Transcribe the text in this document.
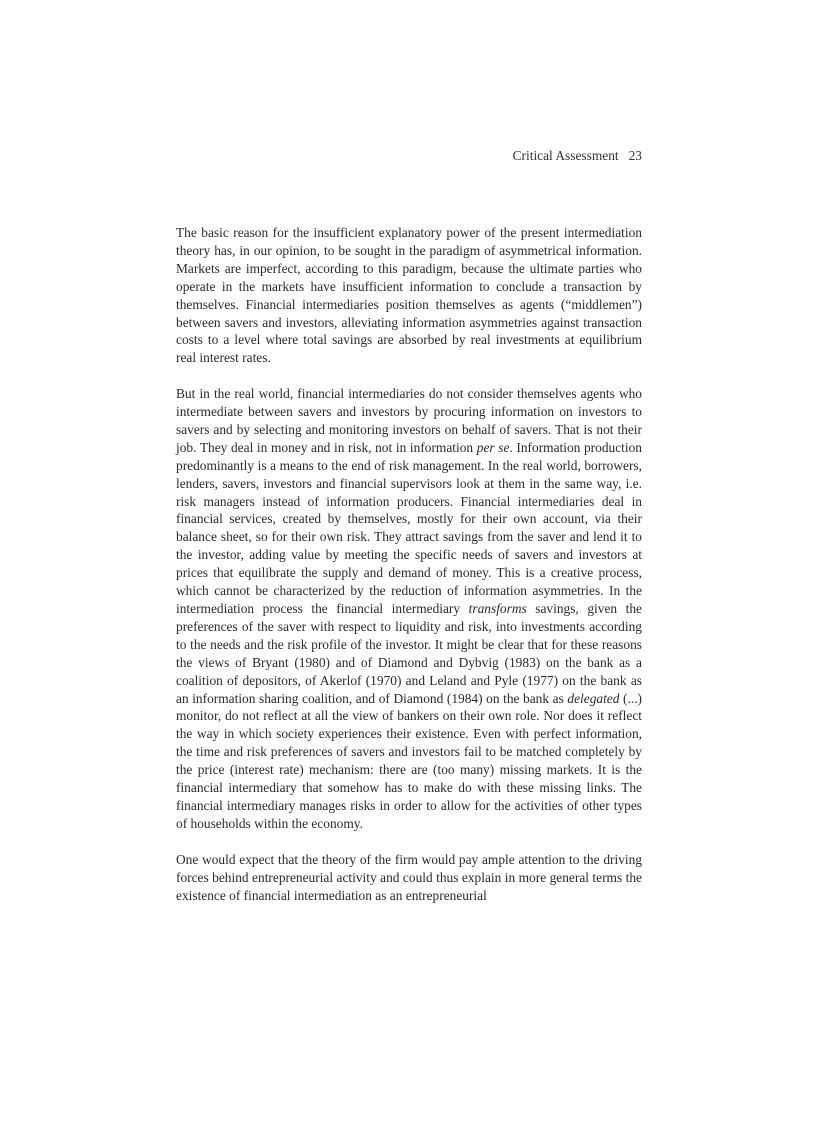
Critical Assessment 23

The basic reason for the insufficient explanatory power of the present intermediation theory has, in our opinion, to be sought in the paradigm of asymmetrical information. Markets are imperfect, according to this paradigm, because the ultimate parties who operate in the markets have insufficient information to conclude a transaction by themselves. Financial intermediaries position themselves as agents (“middlemen”) between savers and investors, alleviating information asymmetries against transaction costs to a level where total savings are absorbed by real investments at equilibrium real interest rates.

But in the real world, financial intermediaries do not consider themselves agents who intermediate between savers and investors by procuring information on investors to savers and by selecting and monitoring investors on behalf of savers. That is not their job. They deal in money and in risk, not in information per se. Information production predominantly is a means to the end of risk management. In the real world, borrowers, lenders, savers, investors and financial supervisors look at them in the same way, i.e. risk managers instead of information producers. Financial intermediaries deal in financial services, created by themselves, mostly for their own account, via their balance sheet, so for their own risk. They attract savings from the saver and lend it to the investor, adding value by meeting the specific needs of savers and investors at prices that equilibrate the supply and demand of money. This is a creative process, which cannot be characterized by the reduction of information asymmetries. In the intermediation process the financial intermediary transforms savings, given the preferences of the saver with respect to liquidity and risk, into investments according to the needs and the risk profile of the investor. It might be clear that for these reasons the views of Bryant (1980) and of Diamond and Dybvig (1983) on the bank as a coalition of depositors, of Akerlof (1970) and Leland and Pyle (1977) on the bank as an information sharing coalition, and of Diamond (1984) on the bank as delegated (...) monitor, do not reflect at all the view of bankers on their own role. Nor does it reflect the way in which society experiences their existence. Even with perfect information, the time and risk preferences of savers and investors fail to be matched completely by the price (interest rate) mechanism: there are (too many) missing markets. It is the financial intermediary that somehow has to make do with these missing links. The financial intermediary manages risks in order to allow for the activities of other types of households within the economy.

One would expect that the theory of the firm would pay ample attention to the driving forces behind entrepreneurial activity and could thus explain in more general terms the existence of financial intermediation as an entrepreneurial
